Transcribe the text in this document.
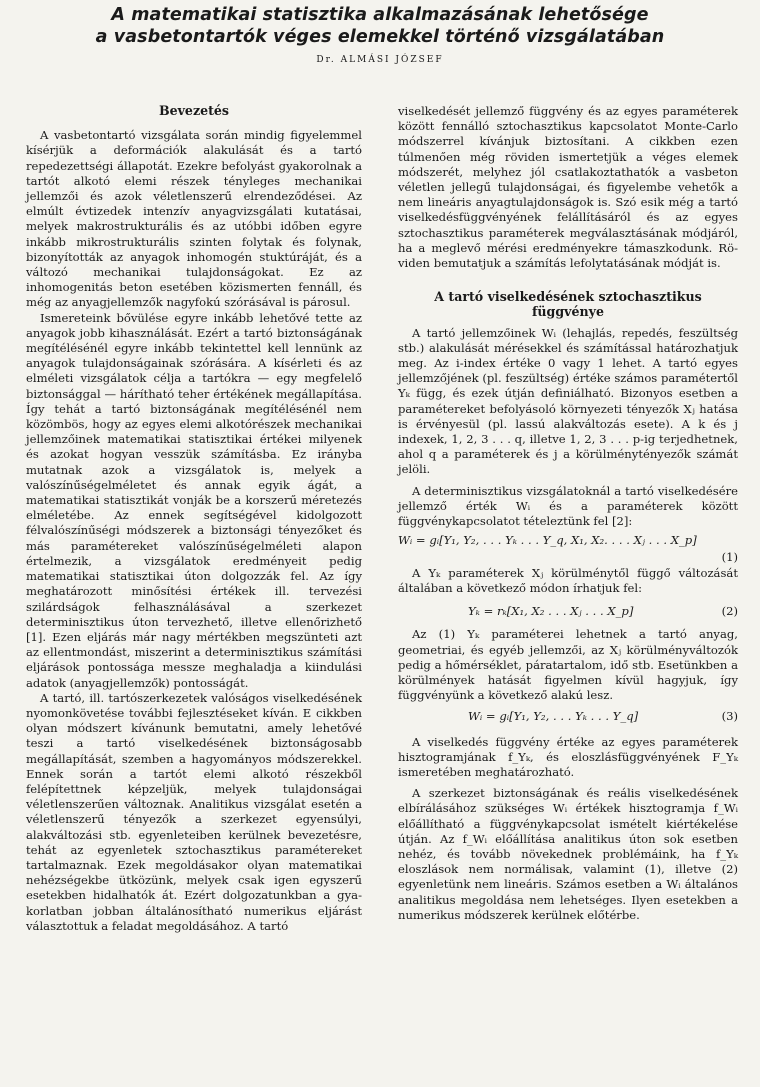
A matematikai statisztika alkalmazásának lehetősége
a vasbetontartók véges elemekkel történő vizsgálatában
Dr. ALMÁSI JÓZSEF
Bevezetés

A vasbetontartó vizsgálata során mindig figyelemmel kísérjük a deformációk alakulását és a tartó repedezettségi állapotát. Ezekre befolyást gyakorolnak a tartót alkotó elemi részek tényleges mechanikai jellemzői és azok véletlenszerű elrendeződései. Az elmúlt évtizedek intenzív anyagvizsgálati kutatásai, melyek makrostrukturális és az utóbbi időben egyre inkább mikrostrukturális szinten folytak és folynak, bizonyították az anyagok inhomogén stuktúráját, és a változó mechanikai tulajdonságokat. Ez az inhomogenitás beton esetében közismerten fennáll, és még az anyagjellemzők nagyfokú szórásával is párosul.

Ismereteink bővülése egyre inkább lehetővé tette az anyagok jobb kihasználását. Ezért a tartó biztonságának megítélésénél egyre inkább tekintettel kell lennünk az anyagok tulajdonságainak szórására. A kísérleti és az elméleti vizsgálatok célja a tartókra — egy megfelelő biztonsággal — hárítható teher értékének megállapítása. Így tehát a tartó biztonságának megítélésénél nem közömbös, hogy az egyes elemi alkotórészek mechanikai jellemzőinek matematikai statisztikai értékei milyenek és azokat hogyan vesszük számításba. Ez irányba mutatnak azok a vizsgálatok is, melyek a valószínűségelméletet és annak egyik ágát, a matematikai statisztikát vonják be a korszerű méretezés elméletébe. Az ennek segítségével kidolgozott félvalószínűségi módszerek a biztonsági tényezőket és más paramétereket valószínűségelméleti alapon értelmezik, a vizsgálatok eredményeit pedig matematikai statisztikai úton dolgozzák fel. Az így meghatározott minősítési értékek ill. tervezési szilárdságok felhasználásával a szerkezet determinisztikus úton tervezhető, illetve ellenőrizhető [1]. Ezen eljárás már nagy mértékben megszünteti azt az ellentmondást, miszerint a determinisztikus számítási eljárások pontossága messze meghaladja a kiindulási adatok (anyagjellemzők) pontosságát.

A tartó, ill. tartószerkezetek valóságos viselkedésének nyomonkövetése további fejlesztéseket kíván. E cikkben olyan módszert kívánunk bemutatni, amely lehetővé teszi a tartó viselkedésének biztonságosabb megállapítását, szemben a hagyományos módszerekkel. Ennek során a tartót elemi alkotó részekből felépítettnek képzeljük, melyek tulajdonságai véletlenszerűen változnak. Analitikus vizsgálat esetén a véletlenszerű tényezők a szerkezet egyensúlyi, alakváltozási stb. egyenleteiben kerülnek bevezetésre, tehát az egyenletek sztochasztikus paramétereket tartalmaznak. Ezek megoldásakor olyan matematikai nehézségekbe ütközünk, melyek csak igen egyszerű esetekben hidalhatók át. Ezért dolgozatunkban a gyakorlatban jobban általánosítható numerikus eljárást választottuk a feladat megoldásához. A tartó

viselkedését jellemző függvény és az egyes paraméterek között fennálló sztochasztikus kapcsolatot Monte-Carlo módszerrel kívánjuk biztosítani. A cikkben ezen túlmenően még röviden ismertetjük a véges elemek módszerét, melyhez jól csatlakoztathatók a vasbeton véletlen jellegű tulajdonságai, és figyelembe vehetők a nem lineáris anyagtulajdonságok is. Szó esik még a tartó viselkedésfüggvényének felállításáról és az egyes sztochasztikus paraméterek megválasztásának módjáról, ha a meglevő mérési eredményekre támaszkodunk. Röviden bemutatjuk a számítás lefolytatásának módját is.

A tartó viselkedésének sztochasztikus függvénye

A tartó jellemzőinek Wᵢ (lehajlás, repedés, feszültség stb.) alakulását mérésekkel és számítással határozhatjuk meg. Az i-index értéke 0 vagy 1 lehet. A tartó egyes jellemzőjének (pl. feszültség) értéke számos paramétertől Yₖ függ, és ezek útján definiálható. Bizonyos esetben a paramétereket befolyásoló környezeti tényezők Xⱼ hatása is érvényesül (pl. lassú alakváltozás esete). A k és j indexek, 1, 2, 3 . . . q, illetve 1, 2, 3 . . . p-ig terjedhetnek, ahol q a paraméterek és j a körülménytényezők számát jelöli.

A determinisztikus vizsgálatoknál a tartó viselkedésére jellemző érték Wᵢ és a paraméterek között függvénykapcsolatot tételeztünk fel [2]:

Wᵢ = gᵢ[Y₁, Y₂, . . . Yₖ . . . Y_q, X₁, X₂. . . . Xⱼ . . . X_p]

(1)

A Yₖ paraméterek Xⱼ körülménytől függő változását általában a következő módon írhatjuk fel:

Yₖ = rₖ[X₁, X₂ . . . Xⱼ . . . X_p]	(2)

Az (1) Yₖ paraméterei lehetnek a tartó anyag, geometriai, és egyéb jellemzői, az Xⱼ körülményváltozók pedig a hőmérséklet, páratartalom, idő stb. Esetünkben a körülmények hatását figyelmen kívül hagyjuk, így függvényünk a következő alakú lesz.

Wᵢ = gᵢ[Y₁, Y₂, . . . Yₖ . . . Y_q]	(3)

A viselkedés függvény értéke az egyes paraméterek hisztogramjának f_Yₖ, és eloszlásfüggvényének F_Yₖ ismeretében meghatározható.

A szerkezet biztonságának és reális viselkedésének elbírálásához szükséges Wᵢ értékek hisztogramja f_Wᵢ előállítható a függvénykapcsolat ismételt kiértékelése útján. Az f_Wᵢ előállítása analitikus úton sok esetben nehéz, és tovább növekednek problémáink, ha f_Yₖ eloszlások nem normálisak, valamint (1), illetve (2) egyenletünk nem lineáris. Számos esetben a Wᵢ általános analitikus megoldása nem lehetséges. Ilyen esetekben a numerikus módszerek kerülnek előtérbe.
